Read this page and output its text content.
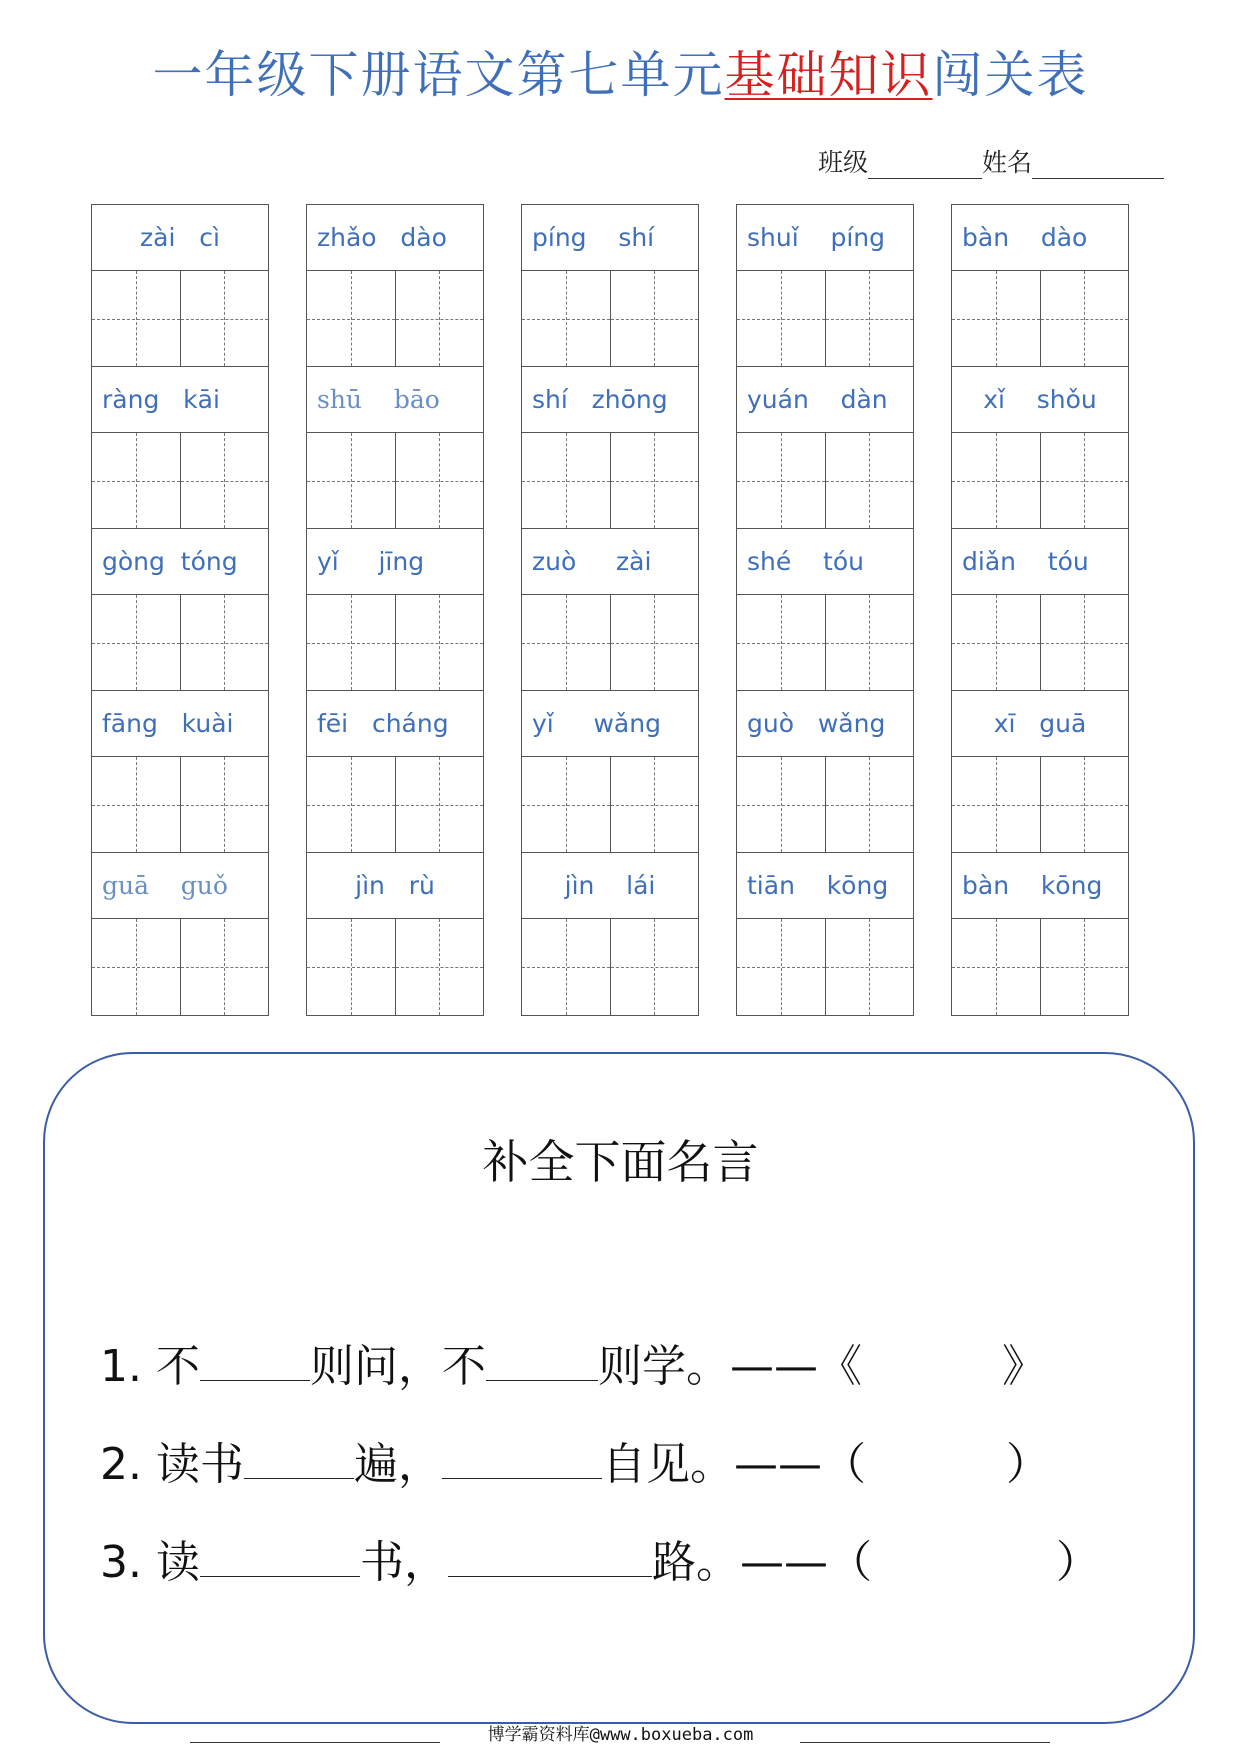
一年级下册语文第七单元基础知识闯关表
班级	姓名
zài   cì
ràng   kāi
gòng  tóng
fāng   kuài
guā    guǒ
zhǎo   dào
shū    bāo
yǐ     jīng
fēi   cháng
jìn   rù
píng    shí
shí   zhōng
zuò     zài
yǐ     wǎng
jìn    lái
shuǐ    píng
yuán    dàn
shé    tóu
guò   wǎng
tiān    kōng
bàn    dào
xǐ    shǒu
diǎn    tóu
xī   guā
bàn    kōng
补全下面名言
1. 不	则问，不	则学。——《	》
2. 读书	遍，	自见。——（	）
3. 读	书，	路。——（	）
博学霸资料库@www.boxueba.com
